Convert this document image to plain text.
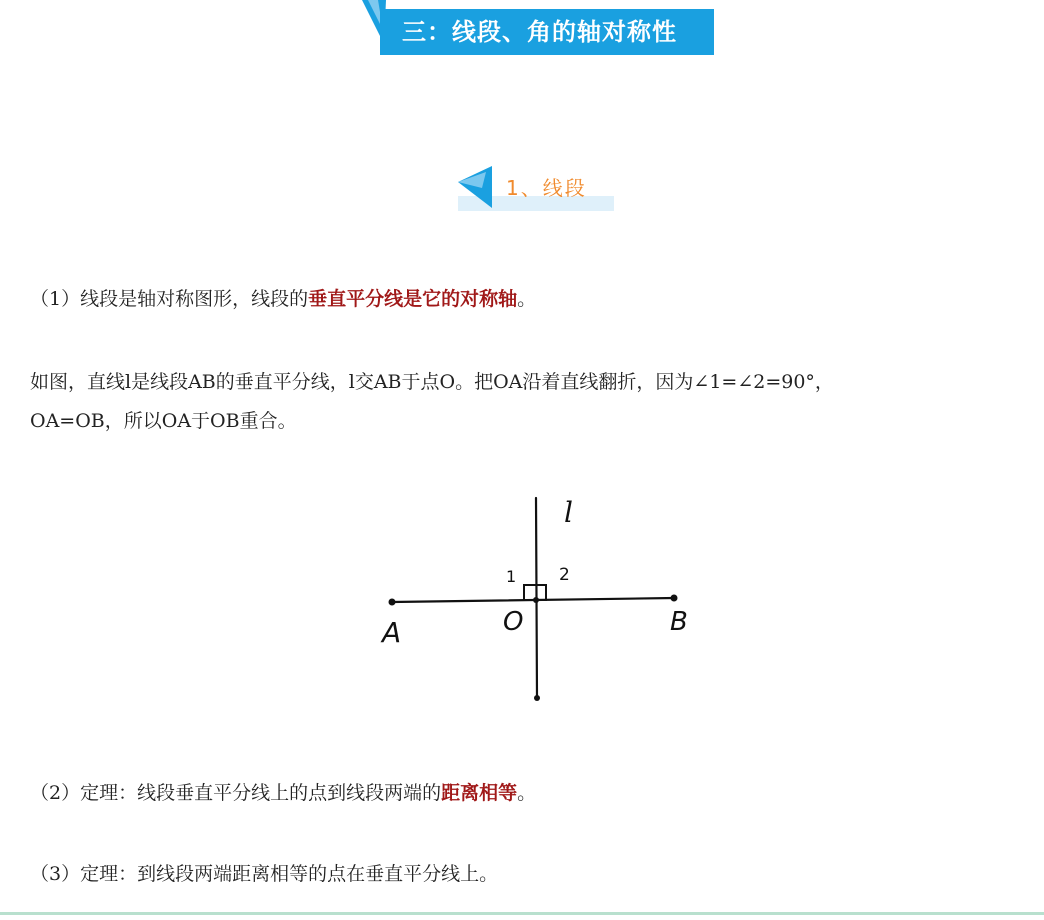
三：线段、角的轴对称性
1、线段
（1）线段是轴对称图形，线段的垂直平分线是它的对称轴。
如图，直线l是线段AB的垂直平分线，l交AB于点O。把OA沿着直线翻折，因为∠1=∠2=90°，
OA=OB，所以OA于OB重合。
l
1	2
A	O	B
（2）定理：线段垂直平分线上的点到线段两端的距离相等。
（3）定理：到线段两端距离相等的点在垂直平分线上。
